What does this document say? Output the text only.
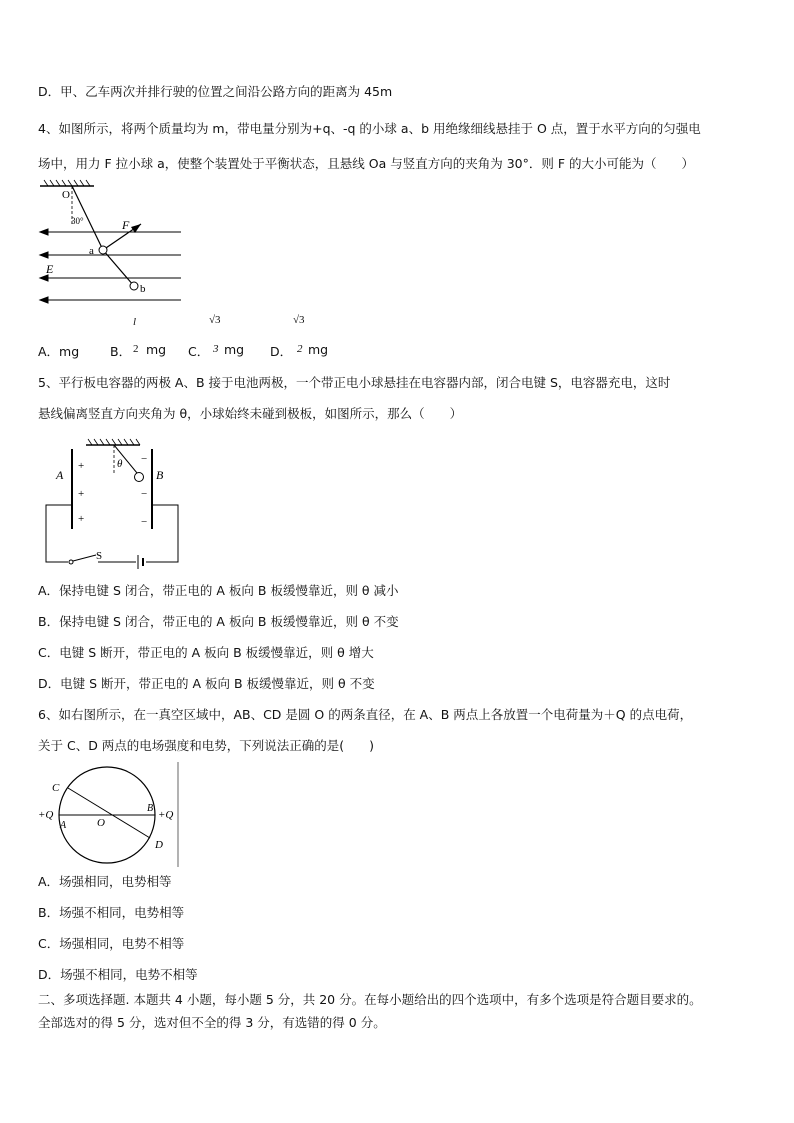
D．甲、乙车两次并排行驶的位置之间沿公路方向的距离为 45m
4、如图所示，将两个质量均为 m，带电量分别为+q、-q 的小球 a、b 用绝缘细线悬挂于 O 点，置于水平方向的匀强电
场中，用力 F 拉小球 a，使整个装置处于平衡状态，且悬线 Oa 与竖直方向的夹角为 30°．则 F 的大小可能为（　　）
O
30°	F
a
b
E
A．mg B． mg C． mg D． mg
l
2
√3
3
√3
2
5、平行板电容器的两极 A、B 接于电池两极，一个带正电小球悬挂在电容器内部，闭合电键 S，电容器充电，这时
悬线偏离竖直方向夹角为 θ，小球始终未碰到极板，如图所示，那么（　　）
A	B
θ
S
+
+
+
−
−
−
A．保持电键 S 闭合，带正电的 A 板向 B 板缓慢靠近，则 θ 减小
B．保持电键 S 闭合，带正电的 A 板向 B 板缓慢靠近，则 θ 不变
C．电键 S 断开，带正电的 A 板向 B 板缓慢靠近，则 θ 增大
D．电键 S 断开，带正电的 A 板向 B 板缓慢靠近，则 θ 不变
6、如右图所示，在一真空区域中，AB、CD 是圆 O 的两条直径，在 A、B 两点上各放置一个电荷量为＋Q 的点电荷，
关于 C、D 两点的电场强度和电势，下列说法正确的是(　　)
C
A	O
B
D
+Q	+Q
A．场强相同，电势相等
B．场强不相同，电势相等
C．场强相同，电势不相等
D．场强不相同，电势不相等
二、多项选择题. 本题共 4 小题，每小题 5 分，共 20 分。在每小题给出的四个选项中，有多个选项是符合题目要求的。
全部选对的得 5 分，选对但不全的得 3 分，有选错的得 0 分。
